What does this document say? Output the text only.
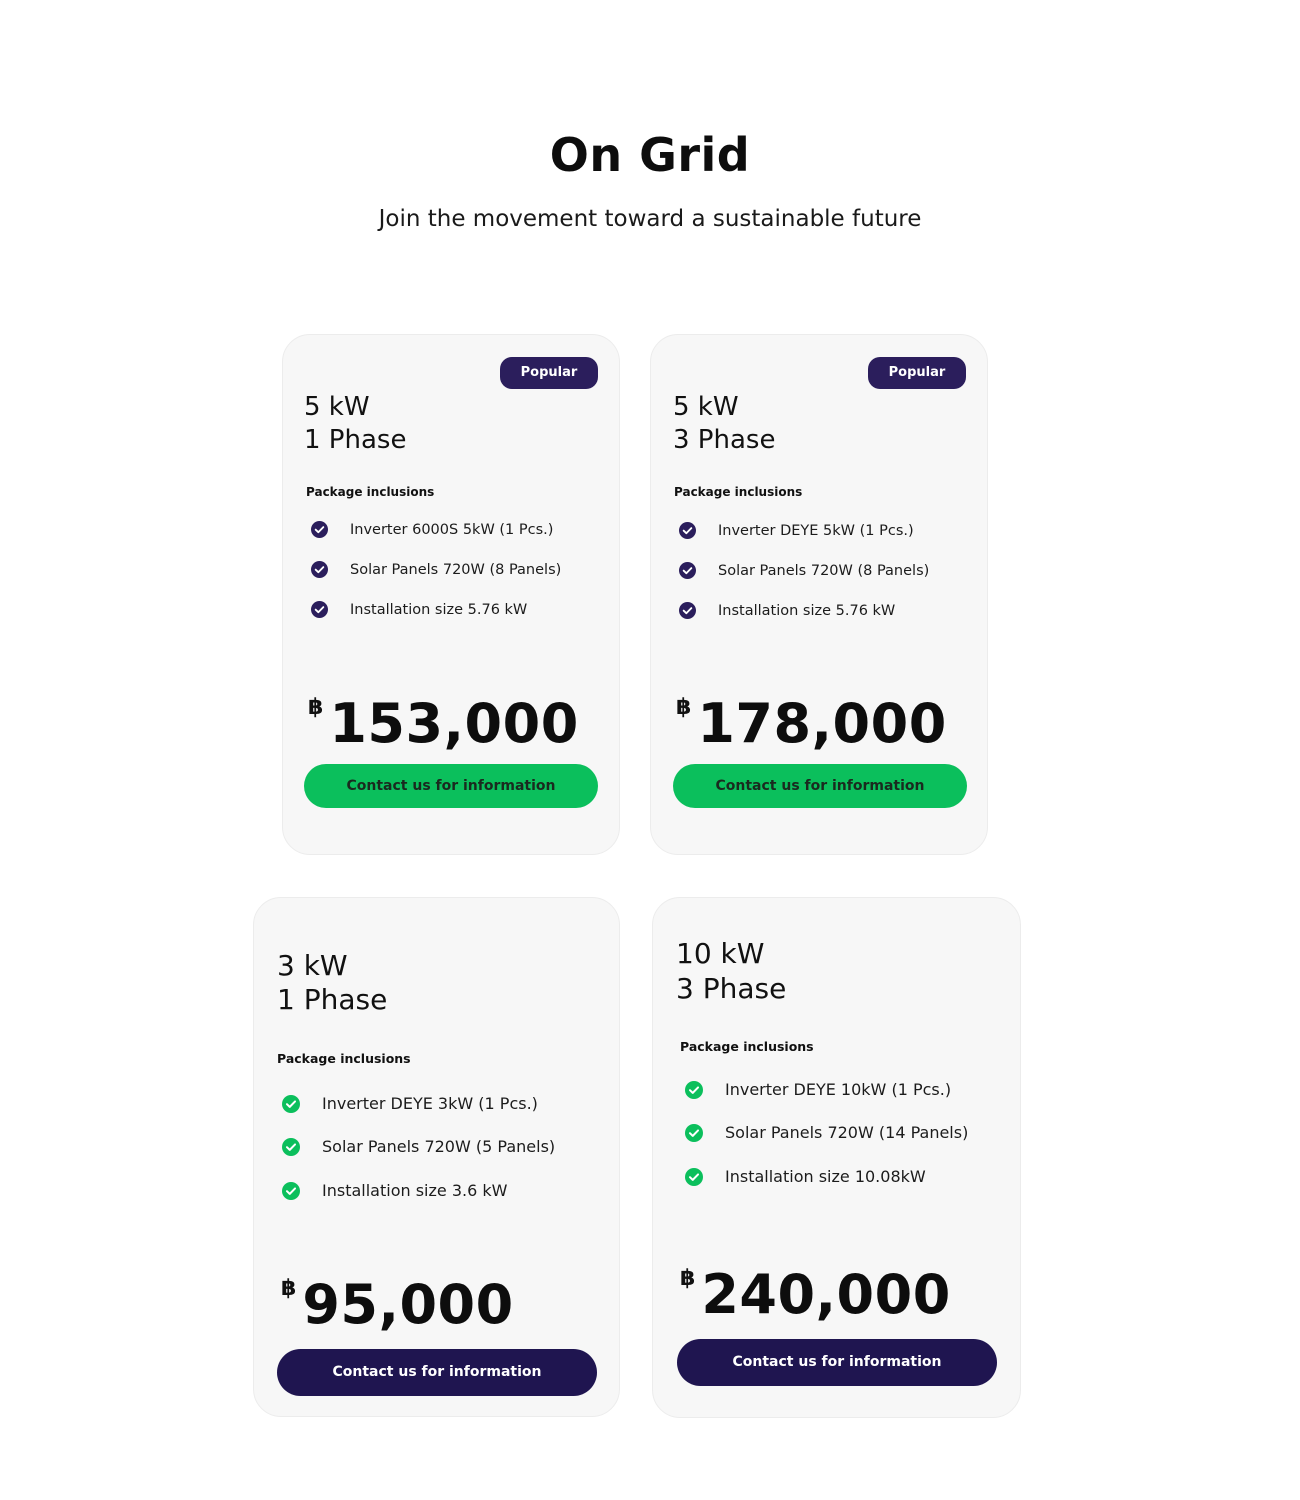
On Grid
Join the movement toward a sustainable future
Popular
5 kW
1 Phase
Package inclusions
Inverter 6000S 5kW (1 Pcs.)
Solar Panels 720W (8 Panels)
Installation size 5.76 kW
฿ 153,000
Contact us for information
Popular
5 kW
3 Phase
Package inclusions
Inverter DEYE 5kW (1 Pcs.)
Solar Panels 720W (8 Panels)
Installation size 5.76 kW
฿ 178,000
Contact us for information
3 kW
1 Phase
Package inclusions
Inverter DEYE 3kW (1 Pcs.)
Solar Panels 720W (5 Panels)
Installation size 3.6 kW
฿ 95,000
Contact us for information
10 kW
3 Phase
Package inclusions
Inverter DEYE 10kW (1 Pcs.)
Solar Panels 720W (14 Panels)
Installation size 10.08kW
฿ 240,000
Contact us for information
